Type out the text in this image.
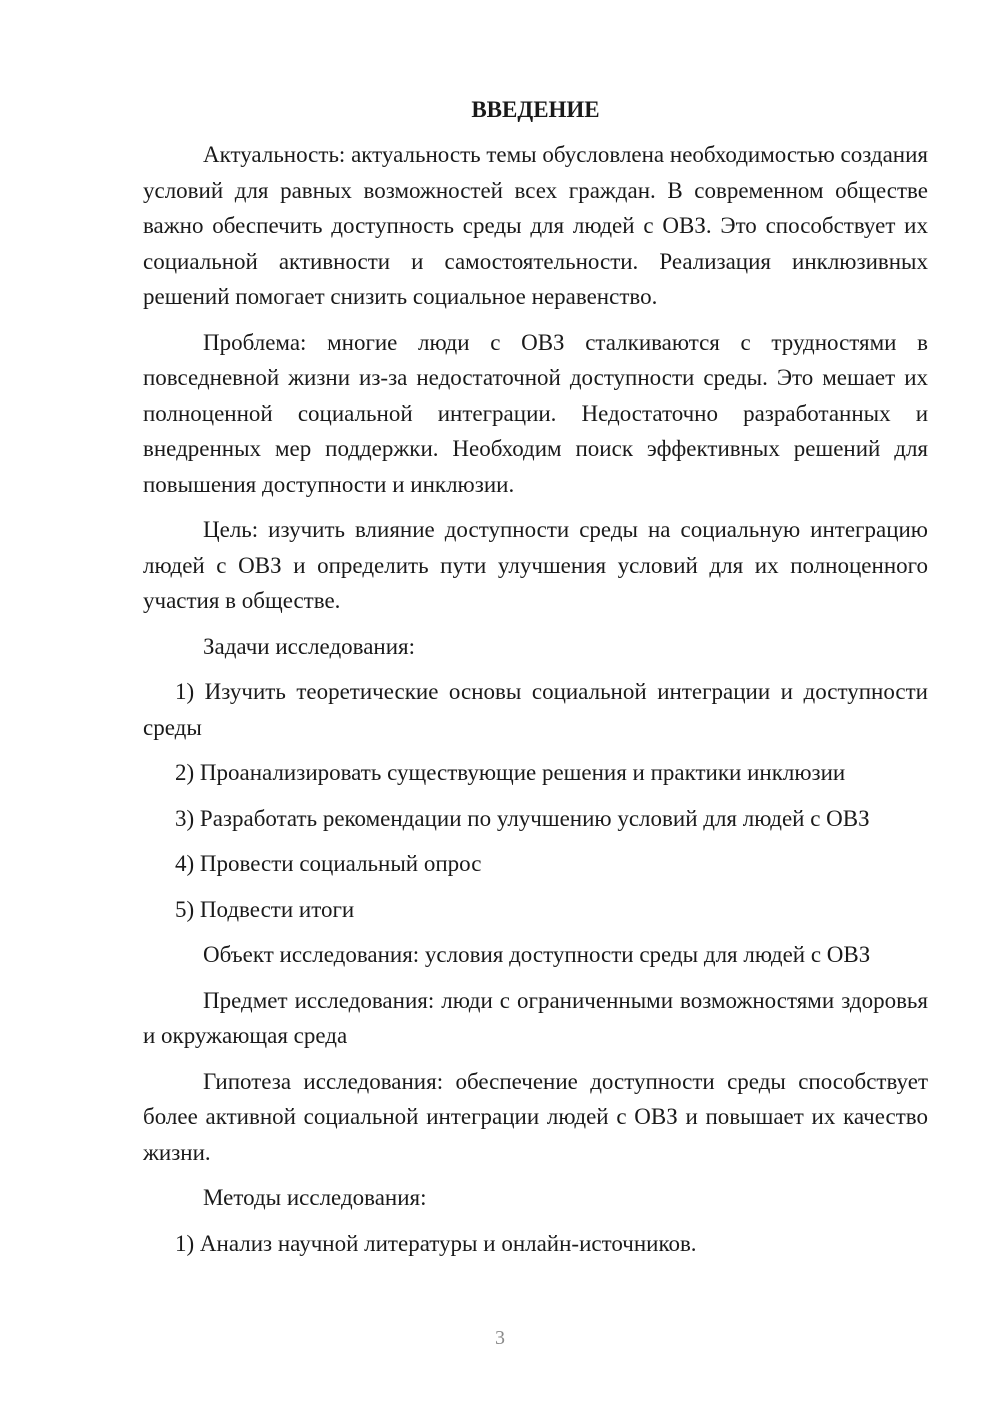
ВВЕДЕНИЕ

Актуальность: актуальность темы обусловлена необходимостью создания условий для равных возможностей всех граждан. В современном обществе важно обеспечить доступность среды для людей с ОВЗ. Это способствует их социальной активности и самостоятельности. Реализация инклюзивных решений помогает снизить социальное неравенство.

Проблема: многие люди с ОВЗ сталкиваются с трудностями в повседневной жизни из-за недостаточной доступности среды. Это мешает их полноценной социальной интеграции. Недостаточно разработанных и внедренных мер поддержки. Необходим поиск эффективных решений для повышения доступности и инклюзии.

Цель: изучить влияние доступности среды на социальную интеграцию людей с ОВЗ и определить пути улучшения условий для их полноценного участия в обществе.

Задачи исследования:

1) Изучить теоретические основы социальной интеграции и доступности среды

2) Проанализировать существующие решения и практики инклюзии

3) Разработать рекомендации по улучшению условий для людей с ОВЗ

4) Провести социальный опрос

5) Подвести итоги

Объект исследования: условия доступности среды для людей с ОВЗ

Предмет исследования: люди с ограниченными возможностями здоровья и окружающая среда

Гипотеза исследования: обеспечение доступности среды способствует более активной социальной интеграции людей с ОВЗ и повышает их качество жизни.

Методы исследования:

1) Анализ научной литературы и онлайн-источников.

3
